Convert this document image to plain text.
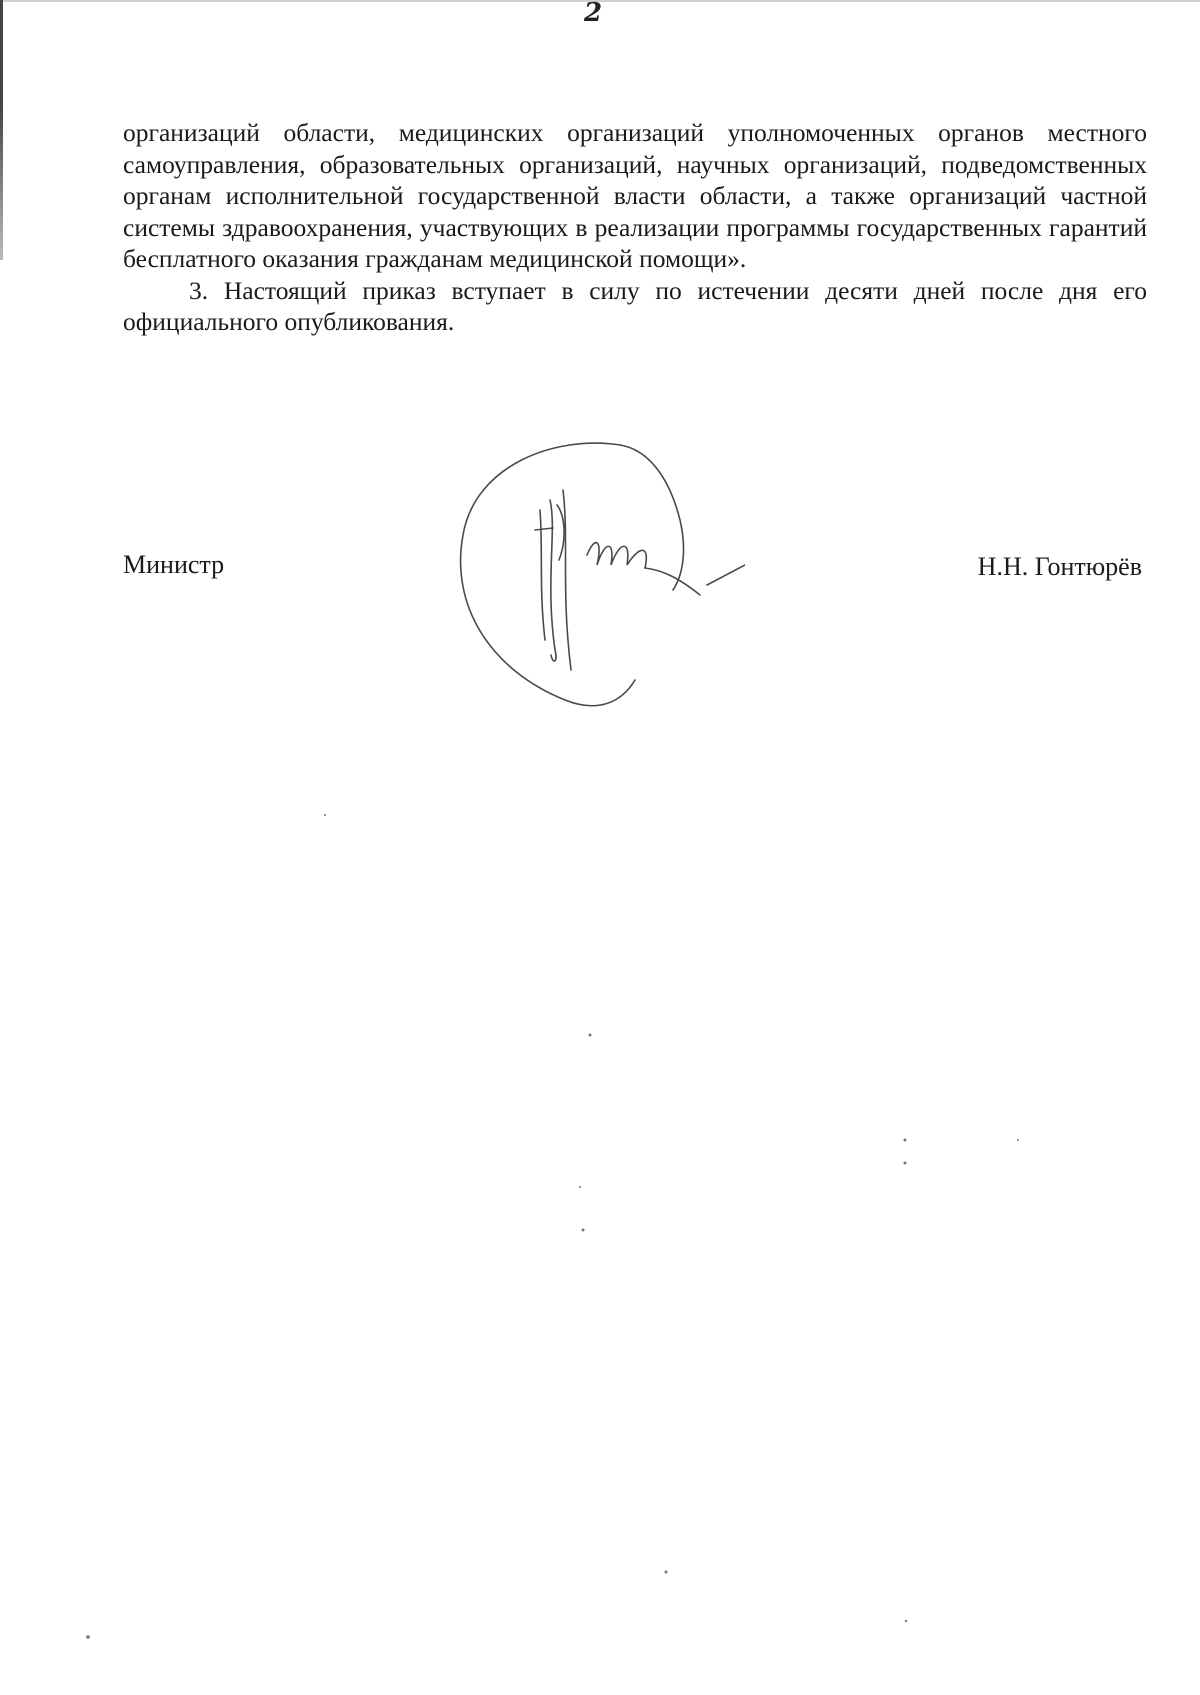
2

организаций области, медицинских организаций уполномоченных органов местного самоуправления, образовательных организаций, научных организаций, подведомственных органам исполнительной государственной власти области, а также организаций частной системы здравоохранения, участвующих в реализации программы государственных гарантий бесплатного оказания гражданам медицинской помощи».

3. Настоящий приказ вступает в силу по истечении десяти дней после дня его официального опубликования.

Министр	Н.Н. Гонтюрёв
